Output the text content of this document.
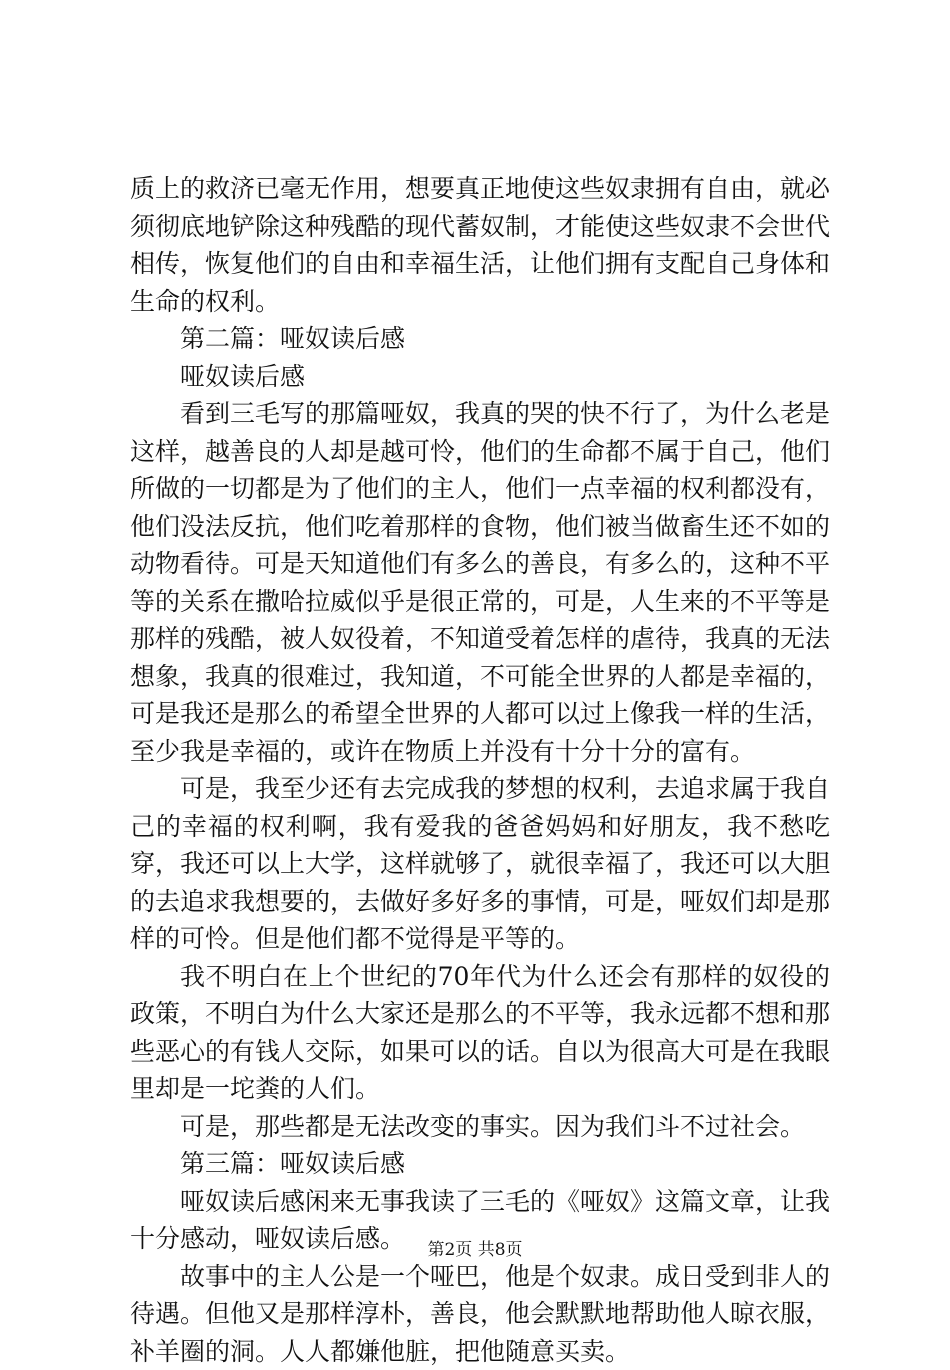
质上的救济已毫无作用，想要真正地使这些奴隶拥有自由，就必须彻底地铲除这种残酷的现代蓄奴制，才能使这些奴隶不会世代相传，恢复他们的自由和幸福生活，让他们拥有支配自己身体和生命的权利。

第二篇：哑奴读后感

哑奴读后感

看到三毛写的那篇哑奴，我真的哭的快不行了，为什么老是这样，越善良的人却是越可怜，他们的生命都不属于自己，他们所做的一切都是为了他们的主人，他们一点幸福的权利都没有，他们没法反抗，他们吃着那样的食物，他们被当做畜生还不如的动物看待。可是天知道他们有多么的善良，有多么的，这种不平等的关系在撒哈拉威似乎是很正常的，可是，人生来的不平等是那样的残酷，被人奴役着，不知道受着怎样的虐待，我真的无法想象，我真的很难过，我知道，不可能全世界的人都是幸福的，可是我还是那么的希望全世界的人都可以过上像我一样的生活，至少我是幸福的，或许在物质上并没有十分十分的富有。

可是，我至少还有去完成我的梦想的权利，去追求属于我自己的幸福的权利啊，我有爱我的爸爸妈妈和好朋友，我不愁吃穿，我还可以上大学，这样就够了，就很幸福了，我还可以大胆的去追求我想要的，去做好多好多的事情，可是，哑奴们却是那样的可怜。但是他们都不觉得是平等的。

我不明白在上个世纪的70年代为什么还会有那样的奴役的政策，不明白为什么大家还是那么的不平等，我永远都不想和那些恶心的有钱人交际，如果可以的话。自以为很高大可是在我眼里却是一坨粪的人们。

可是，那些都是无法改变的事实。因为我们斗不过社会。

第三篇：哑奴读后感

哑奴读后感闲来无事我读了三毛的《哑奴》这篇文章，让我十分感动，哑奴读后感。

故事中的主人公是一个哑巴，他是个奴隶。成日受到非人的待遇。但他又是那样淳朴，善良，他会默默地帮助他人晾衣服，补羊圈的洞。人人都嫌他脏，把他随意买卖。

第2页 共8页
